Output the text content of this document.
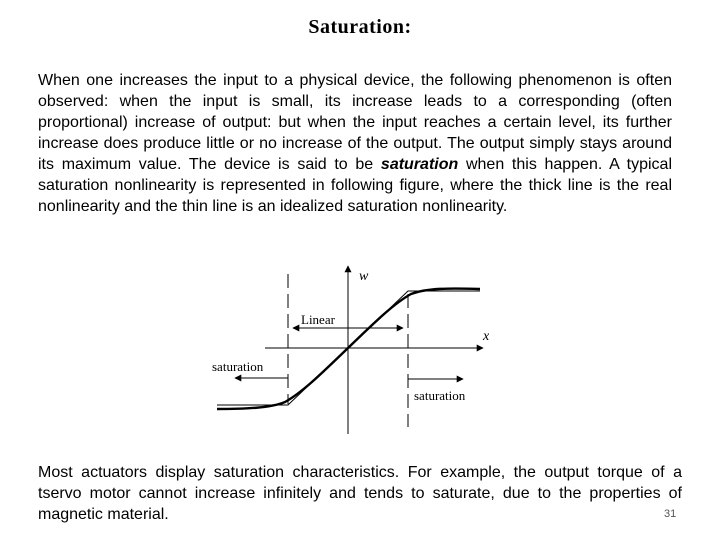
Saturation:

When one increases the input to a physical device, the following phenomenon is often observed: when the input is small, its increase leads to a corresponding (often proportional) increase of output: but when the input reaches a certain level, its further increase does produce little or no increase of the output. The output simply stays around its maximum value. The device is said to be saturation when this happen. A typical saturation nonlinearity is represented in following figure, where the thick line is the real nonlinearity and the thin line is an idealized saturation nonlinearity.

w
x
Linear
saturation
saturation

Most actuators display saturation characteristics. For example, the output torque of a tservo motor cannot increase infinitely and tends to saturate, due to the properties of magnetic material.	31
